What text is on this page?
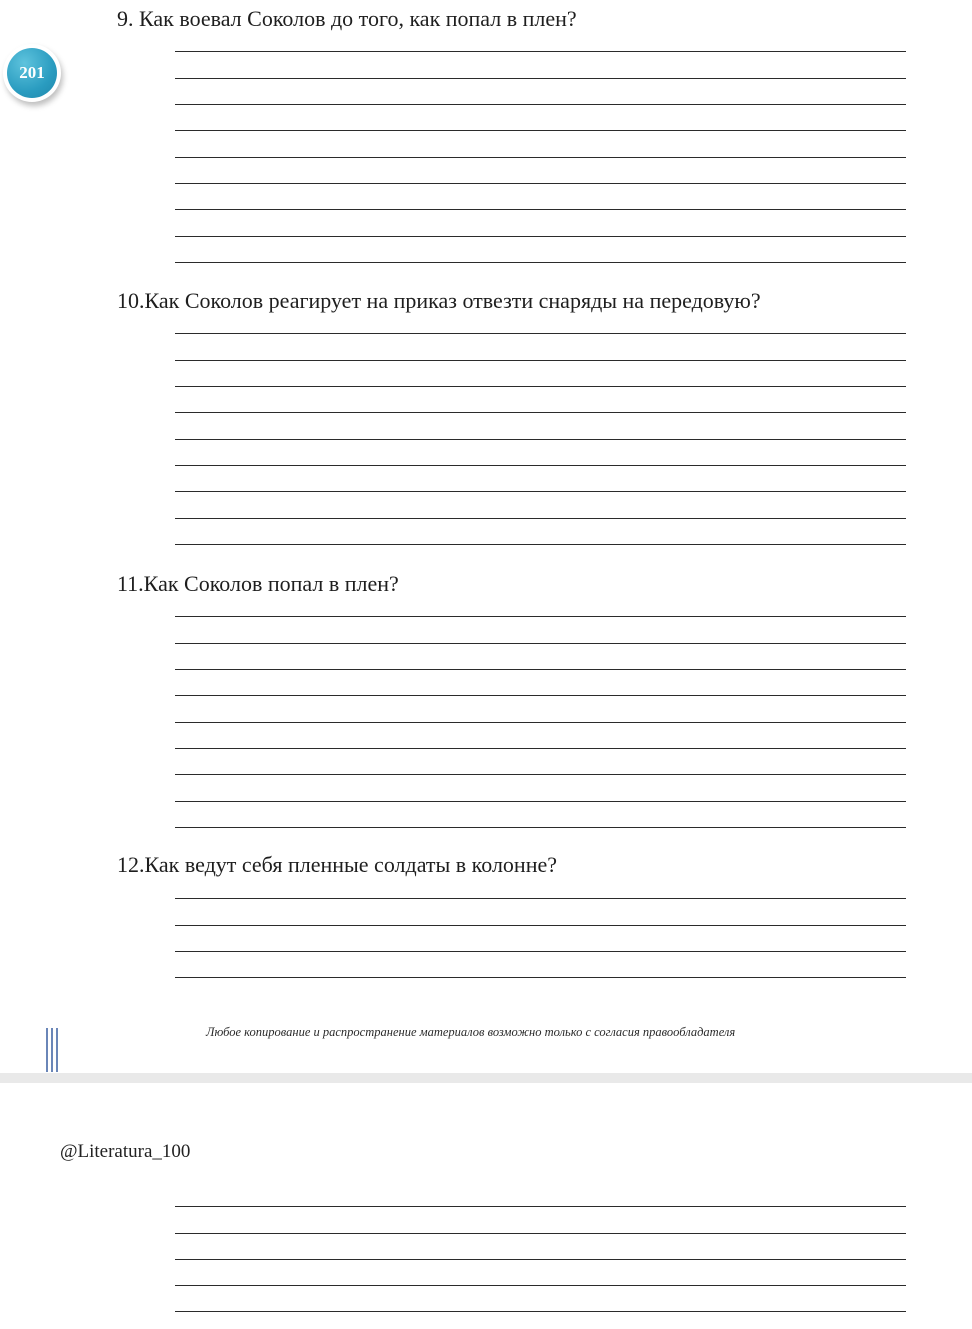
201
9. Как воевал Соколов до того, как попал в плен?
10.Как Соколов реагирует на приказ отвезти снаряды на передовую?
11.Как Соколов попал в плен?
12.Как ведут себя пленные солдаты в колонне?
Любое копирование и распространение материалов возможно только с согласия правообладателя
@Literatura_100
